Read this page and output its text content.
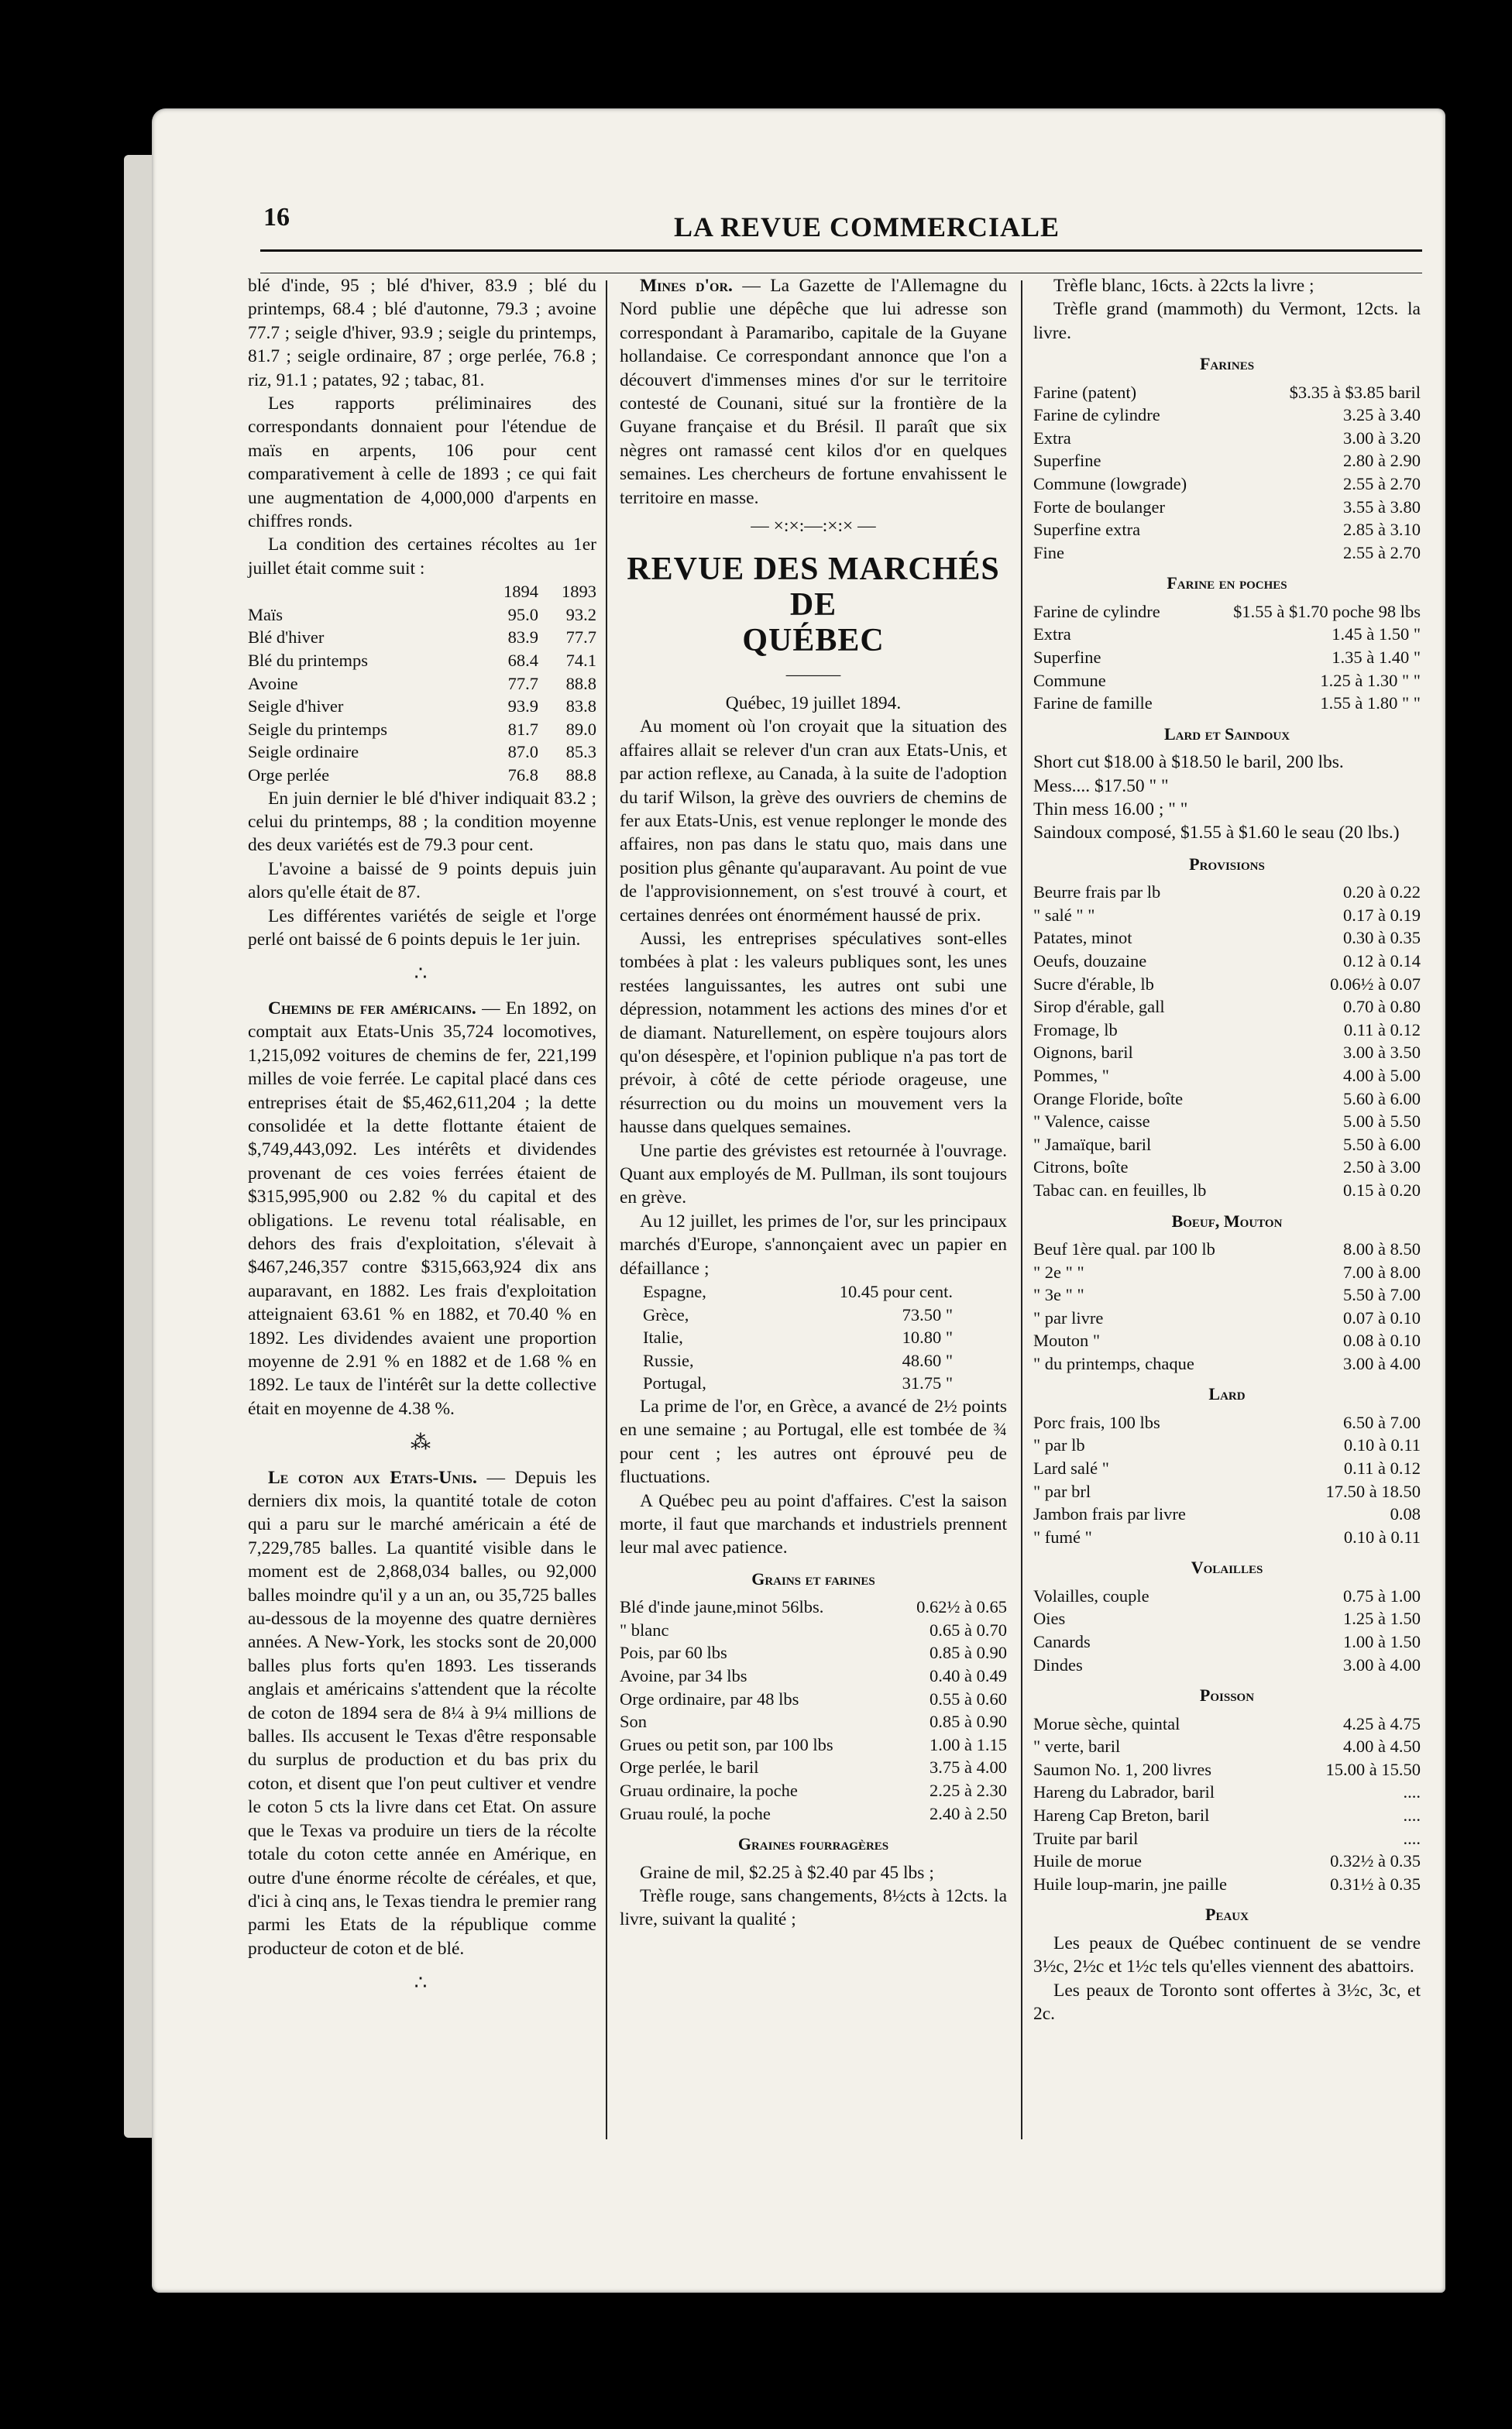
16	LA REVUE COMMERCIALE

blé d'inde, 95 ; blé d'hiver, 83.9 ; blé du printemps, 68.4 ; blé d'autonne, 79.3 ; avoine 77.7 ; seigle d'hiver, 93.9 ; seigle du printemps, 81.7 ; seigle ordinaire, 87 ; orge perlée, 76.8 ; riz, 91.1 ; patates, 92 ; tabac, 81.

Les rapports préliminaires des correspondants donnaient pour l'étendue de maïs en arpents, 106 pour cent comparativement à celle de 1893 ; ce qui fait une augmentation de 4,000,000 d'arpents en chiffres ronds.

La condition des certaines récoltes au 1er juillet était comme suit :

	1894	1893
Maïs	95.0	93.2
Blé d'hiver	83.9	77.7
Blé du printemps	68.4	74.1
Avoine	77.7	88.8
Seigle d'hiver	93.9	83.8
Seigle du printemps	81.7	89.0
Seigle ordinaire	87.0	85.3
Orge perlée	76.8	88.8

En juin dernier le blé d'hiver indiquait 83.2 ; celui du printemps, 88 ; la condition moyenne des deux variétés est de 79.3 pour cent.

L'avoine a baissé de 9 points depuis juin alors qu'elle était de 87.

Les différentes variétés de seigle et l'orge perlé ont baissé de 6 points depuis le 1er juin.

∴

Chemins de fer américains. — En 1892, on comptait aux Etats-Unis 35,724 locomotives, 1,215,092 voitures de chemins de fer, 221,199 milles de voie ferrée. Le capital placé dans ces entreprises était de $5,462,611,204 ; la dette consolidée et la dette flottante étaient de $,749,443,092. Les intérêts et dividendes provenant de ces voies ferrées étaient de $315,995,900 ou 2.82 % du capital et des obligations. Le revenu total réalisable, en dehors des frais d'exploitation, s'élevait à $467,246,357 contre $315,663,924 dix ans auparavant, en 1882. Les frais d'exploitation atteignaient 63.61 % en 1882, et 70.40 % en 1892. Les dividendes avaient une proportion moyenne de 2.91 % en 1882 et de 1.68 % en 1892. Le taux de l'intérêt sur la dette collective était en moyenne de 4.38 %.

⁂

Le coton aux Etats-Unis. — Depuis les derniers dix mois, la quantité totale de coton qui a paru sur le marché américain a été de 7,229,785 balles. La quantité visible dans le moment est de 2,868,034 balles, ou 92,000 balles moindre qu'il y a un an, ou 35,725 balles au-dessous de la moyenne des quatre dernières années. A New-York, les stocks sont de 20,000 balles plus forts qu'en 1893. Les tisserands anglais et américains s'attendent que la récolte de coton de 1894 sera de 8¼ à 9¼ millions de balles. Ils accusent le Texas d'être responsable du surplus de production et du bas prix du coton, et disent que l'on peut cultiver et vendre le coton 5 cts la livre dans cet Etat. On assure que le Texas va produire un tiers de la récolte totale du coton cette année en Amérique, en outre d'une énorme récolte de céréales, et que, d'ici à cinq ans, le Texas tiendra le premier rang parmi les Etats de la république comme producteur de coton et de blé.

∴

Mines d'or. — La Gazette de l'Allemagne du Nord publie une dépêche que lui adresse son correspondant à Paramaribo, capitale de la Guyane hollandaise. Ce correspondant annonce que l'on a découvert d'immenses mines d'or sur le territoire contesté de Counani, situé sur la frontière de la Guyane française et du Brésil. Il paraît que six nègres ont ramassé cent kilos d'or en quelques semaines. Les chercheurs de fortune envahissent le territoire en masse.

— ×:×:—:×:× —
REVUE DES MARCHÉS DE
QUÉBEC
———

Québec, 19 juillet 1894.

Au moment où l'on croyait que la situation des affaires allait se relever d'un cran aux Etats-Unis, et par action reflexe, au Canada, à la suite de l'adoption du tarif Wilson, la grève des ouvriers de chemins de fer aux Etats-Unis, est venue replonger le monde des affaires, non pas dans le statu quo, mais dans une position plus gênante qu'auparavant. Au point de vue de l'approvisionnement, on s'est trouvé à court, et certaines denrées ont énormément haussé de prix.

Aussi, les entreprises spéculatives sont-elles tombées à plat : les valeurs publiques sont, les unes restées languissantes, les autres ont subi une dépression, notamment les actions des mines d'or et de diamant. Naturellement, on espère toujours alors qu'on désespère, et l'opinion publique n'a pas tort de prévoir, à côté de cette période orageuse, une résurrection ou du moins un mouvement vers la hausse dans quelques semaines.

Une partie des grévistes est retournée à l'ouvrage. Quant aux employés de M. Pullman, ils sont toujours en grève.

Au 12 juillet, les primes de l'or, sur les principaux marchés d'Europe, s'annonçaient avec un papier en défaillance ;

Espagne,	10.45 pour cent.
Grèce,	73.50 "
Italie,	10.80 "
Russie,	48.60 "
Portugal,	31.75 "

La prime de l'or, en Grèce, a avancé de 2½ points en une semaine ; au Portugal, elle est tombée de ¾ pour cent ; les autres ont éprouvé peu de fluctuations.

A Québec peu au point d'affaires. C'est la saison morte, il faut que marchands et industriels prennent leur mal avec patience.

Grains et farines
Blé d'inde jaune,minot 56lbs.	0.62½ à 0.65
" blanc	0.65 à 0.70
Pois, par 60 lbs	0.85 à 0.90
Avoine, par 34 lbs	0.40 à 0.49
Orge ordinaire, par 48 lbs	0.55 à 0.60
Son	0.85 à 0.90
Grues ou petit son, par 100 lbs	1.00 à 1.15
Orge perlée, le baril	3.75 à 4.00
Gruau ordinaire, la poche	2.25 à 2.30
Gruau roulé, la poche	2.40 à 2.50
Graines fourragères

Graine de mil, $2.25 à $2.40 par 45 lbs ;

Trèfle rouge, sans changements, 8½cts à 12cts. la livre, suivant la qualité ;

Trèfle blanc, 16cts. à 22cts la livre ;

Trèfle grand (mammoth) du Vermont, 12cts. la livre.

Farines
Farine (patent)	$3.35 à $3.85 baril
Farine de cylindre	3.25 à 3.40
Extra	3.00 à 3.20
Superfine	2.80 à 2.90
Commune (lowgrade)	2.55 à 2.70
Forte de boulanger	3.55 à 3.80
Superfine extra	2.85 à 3.10
Fine	2.55 à 2.70
Farine en poches
Farine de cylindre	$1.55 à $1.70 poche 98 lbs
Extra	1.45 à 1.50 "
Superfine	1.35 à 1.40 "
Commune	1.25 à 1.30 " "
Farine de famille	1.55 à 1.80 " "
Lard et Saindoux

Short cut $18.00 à $18.50 le baril, 200 lbs.

Mess.... $17.50 " "

Thin mess 16.00 ; " "

Saindoux composé, $1.55 à $1.60 le seau (20 lbs.)

Provisions
Beurre frais par lb	0.20 à 0.22
" salé " "	0.17 à 0.19
Patates, minot	0.30 à 0.35
Oeufs, douzaine	0.12 à 0.14
Sucre d'érable, lb	0.06½ à 0.07
Sirop d'érable, gall	0.70 à 0.80
Fromage, lb	0.11 à 0.12
Oignons, baril	3.00 à 3.50
Pommes, "	4.00 à 5.00
Orange Floride, boîte	5.60 à 6.00
" Valence, caisse	5.00 à 5.50
" Jamaïque, baril	5.50 à 6.00
Citrons, boîte	2.50 à 3.00
Tabac can. en feuilles, lb	0.15 à 0.20
Boeuf, Mouton
Beuf 1ère qual. par 100 lb	8.00 à 8.50
" 2e " "	7.00 à 8.00
" 3e " "	5.50 à 7.00
" par livre	0.07 à 0.10
Mouton "	0.08 à 0.10
" du printemps, chaque	3.00 à 4.00
Lard
Porc frais, 100 lbs	6.50 à 7.00
" par lb	0.10 à 0.11
Lard salé "	0.11 à 0.12
" par brl	17.50 à 18.50
Jambon frais par livre	0.08
" fumé "	0.10 à 0.11
Volailles
Volailles, couple	0.75 à 1.00
Oies	1.25 à 1.50
Canards	1.00 à 1.50
Dindes	3.00 à 4.00
Poisson
Morue sèche, quintal	4.25 à 4.75
" verte, baril	4.00 à 4.50
Saumon No. 1, 200 livres	15.00 à 15.50
Hareng du Labrador, baril	....
Hareng Cap Breton, baril	....
Truite par baril	....
Huile de morue	0.32½ à 0.35
Huile loup-marin, jne paille	0.31½ à 0.35
Peaux

Les peaux de Québec continuent de se vendre 3½c, 2½c et 1½c tels qu'elles viennent des abattoirs.

Les peaux de Toronto sont offertes à 3½c, 3c, et 2c.
